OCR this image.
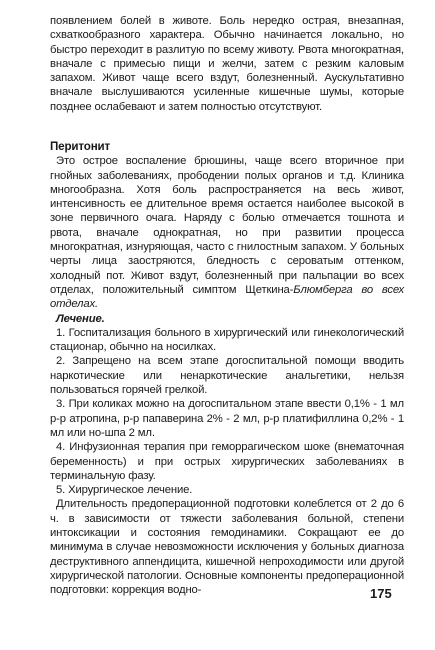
появлением болей в животе. Боль нередко острая, внезапная, схваткообразного характера. Обычно начинается локально, но быстро переходит в разлитую по всему животу. Рвота многократная, вначале с примесью пищи и желчи, затем с резким каловым запахом. Живот чаще всего вздут, болезненный. Аускультативно вначале выслушиваются усиленные кишечные шумы, которые позднее ослабевают и затем полностью отсутствуют.

Перитонит

Это острое воспаление брюшины, чаще всего вторичное при гнойных заболеваниях, прободении полых органов и т.д. Клиника многообразна. Хотя боль распространяется на весь живот, интенсивность ее длительное время остается наиболее высокой в зоне первичного очага. Наряду с болью отмечается тошнота и рвота, вначале однократная, но при развитии процесса многократная, изнуряющая, часто с гнилостным запахом. У больных черты лица заостряются, бледность с сероватым оттенком, холодный пот. Живот вздут, болезненный при пальпации во всех отделах, положительный симптом Щеткина-Блюмберга во всех отделах.

Лечение.

1. Госпитализация больного в хирургический или гинекологический стационар, обычно на носилках.

2. Запрещено на всем этапе догоспитальной помощи вводить наркотические или ненаркотические анальгетики, нельзя пользоваться горячей грелкой.

3. При коликах можно на догоспитальном этапе ввести 0,1% - 1 мл р-р атропина, р-р папаверина 2% - 2 мл, р-р платифиллина 0,2% - 1 мл или но-шпа 2 мл.

4. Инфузионная терапия при геморрагическом шоке (внематочная беременность) и при острых хирургических заболеваниях в терминальную фазу.

5. Хирургическое лечение.

Длительность предоперационной подготовки колеблется от 2 до 6 ч. в зависимости от тяжести заболевания больной, степени интоксикации и состояния гемодинамики. Сокращают ее до минимума в случае невозможности исключения у больных диагноза деструктивного аппендицита, кишечной непроходимости или другой хирургической патологии. Основные компоненты предоперационной подготовки: коррекция водно-	175
